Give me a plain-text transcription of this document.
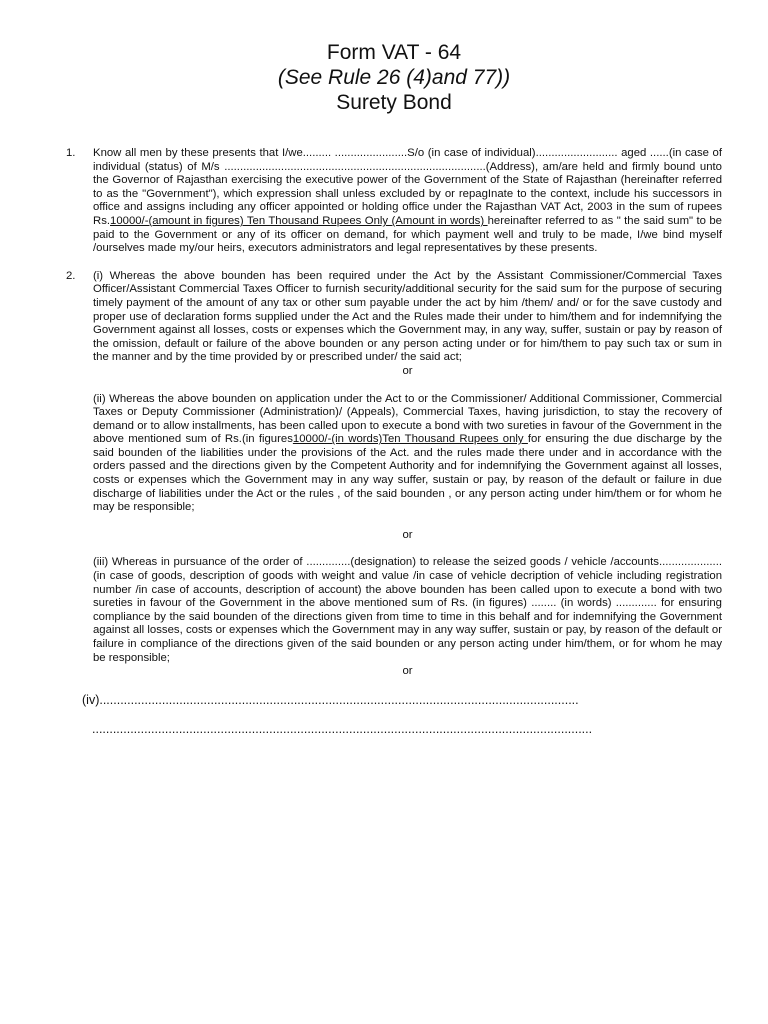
Form VAT - 64
(See Rule 26 (4)and 77))
Surety Bond
1.	Know all men by these presents that I/we......... .......................S/o (in case of individual).......................... aged ......(in case of individual (status) of M/s ...................................................................................(Address), am/are held and firmly bound unto the Governor of Rajasthan exercising the executive power of the Government of the State of Rajasthan (hereinafter referred to as the "Government"), which expression shall unless excluded by or repagInate to the context, include his successors in office and assigns including any officer appointed or holding office under the Rajasthan VAT Act, 2003 in the sum of rupees Rs.10000/-(amount in figures) Ten Thousand Rupees Only (Amount in words) hereinafter referred to as " the said sum" to be paid to the Government or any of its officer on demand, for which payment well and truly to be made, I/we bind myself /ourselves made my/our heirs, executors administrators and legal representatives by these presents.

2.	(i) Whereas the above bounden has been required under the Act by the Assistant Commissioner/Commercial Taxes Officer/Assistant Commercial Taxes Officer to furnish security/additional security for the said sum for the purpose of securing timely payment of the amount of any tax or other sum payable under the act by him /them/ and/ or for the save custody and proper use of declaration forms supplied under the Act and the Rules made their under to him/them and for indemnifying the Government against all losses, costs or expenses which the Government may, in any way, suffer, sustain or pay by reason of the omission, default or failure of the above bounden or any person acting under or for him/them to pay such tax or sum in the manner and by the time provided by or prescribed under/ the said act;

or

(ii) Whereas the above bounden on application under the Act to or the Commissioner/ Additional Commissioner, Commercial Taxes or Deputy Commissioner (Administration)/ (Appeals), Commercial Taxes, having jurisdiction, to stay the recovery of demand or to allow installments, has been called upon to execute a bond with two sureties in favour of the Government in the above mentioned sum of Rs.(in figures10000/-(in words)Ten Thousand Rupees only for ensuring the due discharge by the said bounden of the liabilities under the provisions of the Act. and the rules made there under and in accordance with the orders passed and the directions given by the Competent Authority and for indemnifying the Government against all losses, costs or expenses which the Government may in any way suffer, sustain or pay, by reason of the default or failure in due discharge of liabilities under the Act or the rules , of the said bounden , or any person acting under him/them or for whom he may be responsible;

or

(iii) Whereas in pursuance of the order of ..............(designation) to release the seized goods / vehicle /accounts.................... (in case of goods, description of goods with weight and value /in case of vehicle decription of vehicle including registration number /in case of accounts, description of account) the above bounden has been called upon to execute a bond with two sureties in favour of the Government in the above mentioned sum of Rs. (in figures) ........ (in words) ............. for ensuring compliance by the said bounden of the directions given from time to time in this behalf and for indemnifying the Government against all losses, costs or expenses which the Government may in any way suffer, sustain or pay, by reason of the default or failure in compliance of the directions given of the said bounden or any person acting under him/them, or for whom he may be responsible;

or

(iv)..........................................................................................................................................

................................................................................................................................................
